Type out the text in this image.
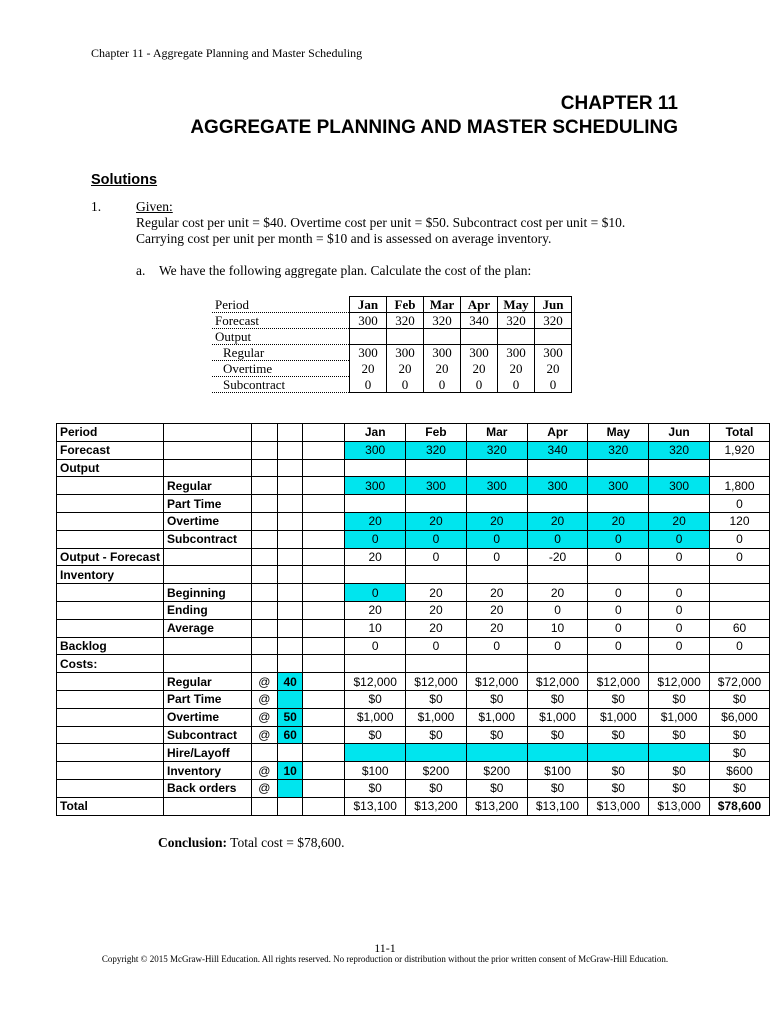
Chapter 11 - Aggregate Planning and Master Scheduling
CHAPTER 11
AGGREGATE PLANNING AND MASTER SCHEDULING
Solutions
1.	Given:
Regular cost per unit = $40. Overtime cost per unit = $50. Subcontract cost per unit = $10.
Carrying cost per unit per month = $10 and is assessed on average inventory.
a. We have the following aggregate plan. Calculate the cost of the plan:
Period	Jan	Feb	Mar	Apr	May	Jun
Forecast	300	320	320	340	320	320
Output						
Regular	300	300	300	300	300	300
Overtime	20	20	20	20	20	20
Subcontract	0	0	0	0	0	0
Period					Jan	Feb	Mar	Apr	May	Jun	Total
Forecast					300	320	320	340	320	320	1,920
Output											
	Regular				300	300	300	300	300	300	1,800
	Part Time										0
	Overtime				20	20	20	20	20	20	120
	Subcontract				0	0	0	0	0	0	0
Output - Forecast					20	0	0	-20	0	0	0
Inventory											
	Beginning				0	20	20	20	0	0	
	Ending				20	20	20	0	0	0	
	Average				10	20	20	10	0	0	60
Backlog					0	0	0	0	0	0	0
Costs:											
	Regular	@	40		$12,000	$12,000	$12,000	$12,000	$12,000	$12,000	$72,000
	Part Time	@			$0	$0	$0	$0	$0	$0	$0
	Overtime	@	50		$1,000	$1,000	$1,000	$1,000	$1,000	$1,000	$6,000
	Subcontract	@	60		$0	$0	$0	$0	$0	$0	$0
	Hire/Layoff										$0
	Inventory	@	10		$100	$200	$200	$100	$0	$0	$600
	Back orders	@			$0	$0	$0	$0	$0	$0	$0
Total					$13,100	$13,200	$13,200	$13,100	$13,000	$13,000	$78,600
Conclusion: Total cost = $78,600.
11-1
Copyright © 2015 McGraw-Hill Education. All rights reserved. No reproduction or distribution without the prior written consent of McGraw-Hill Education.
